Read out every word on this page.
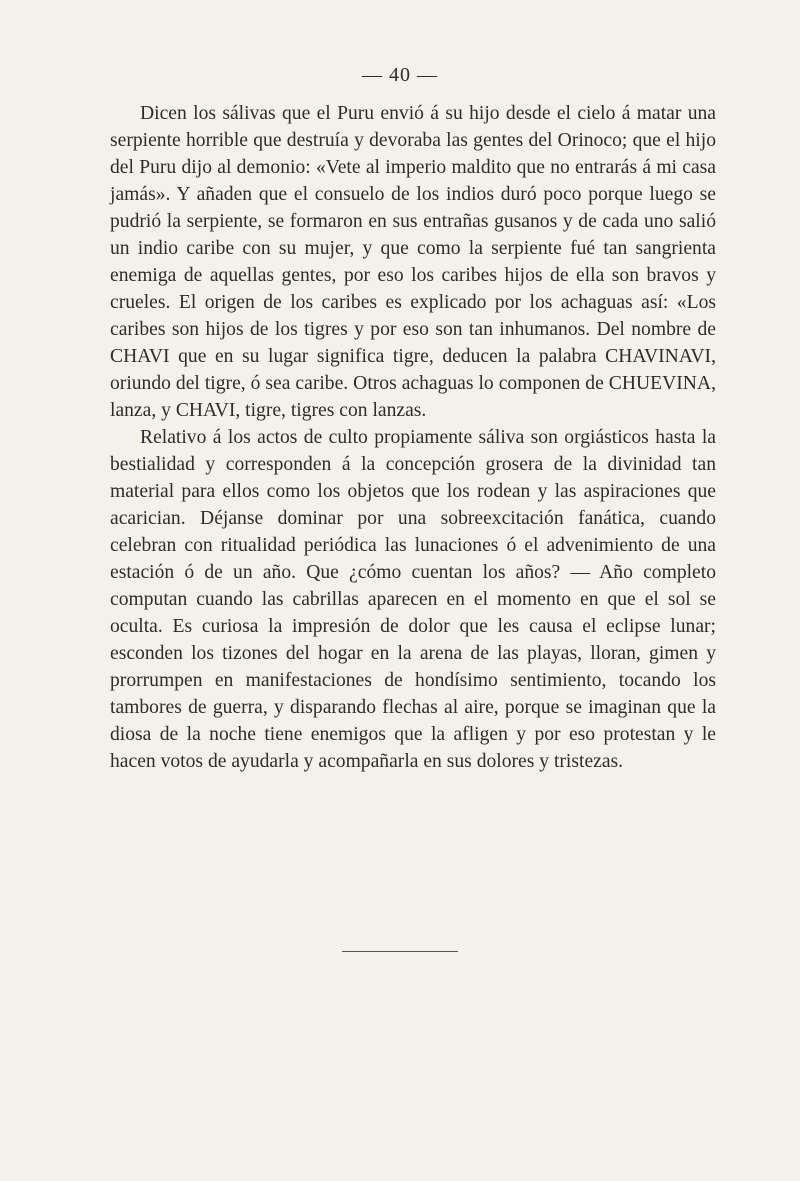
— 40 —

Dicen los sálivas que el Puru envió á su hijo desde el cielo á matar una serpiente horrible que destruía y devoraba las gentes del Orinoco; que el hijo del Puru dijo al demonio: «Vete al imperio maldito que no entrarás á mi casa jamás». Y añaden que el consuelo de los indios duró poco porque luego se pudrió la serpiente, se formaron en sus entrañas gusanos y de cada uno salió un indio caribe con su mujer, y que como la serpiente fué tan sangrienta enemiga de aquellas gentes, por eso los caribes hijos de ella son bravos y crueles. El origen de los caribes es explicado por los achaguas así: «Los caribes son hijos de los tigres y por eso son tan inhumanos. Del nombre de CHAVI que en su lugar significa tigre, deducen la palabra CHAVINAVI, oriundo del tigre, ó sea caribe. Otros achaguas lo componen de CHUEVINA, lanza, y CHAVI, tigre, tigres con lanzas.

Relativo á los actos de culto propiamente sáliva son orgiásticos hasta la bestialidad y corresponden á la concepción grosera de la divinidad tan material para ellos como los objetos que los rodean y las aspiraciones que acarician. Déjanse dominar por una sobreexcitación fanática, cuando celebran con ritualidad periódica las lunaciones ó el advenimiento de una estación ó de un año. Que ¿cómo cuentan los años? — Año completo computan cuando las cabrillas aparecen en el momento en que el sol se oculta. Es curiosa la impresión de dolor que les causa el eclipse lunar; esconden los tizones del hogar en la arena de las playas, lloran, gimen y prorrumpen en manifestaciones de hondísimo sentimiento, tocando los tambores de guerra, y disparando flechas al aire, porque se imaginan que la diosa de la noche tiene enemigos que la afligen y por eso protestan y le hacen votos de ayudarla y acompañarla en sus dolores y tristezas.
